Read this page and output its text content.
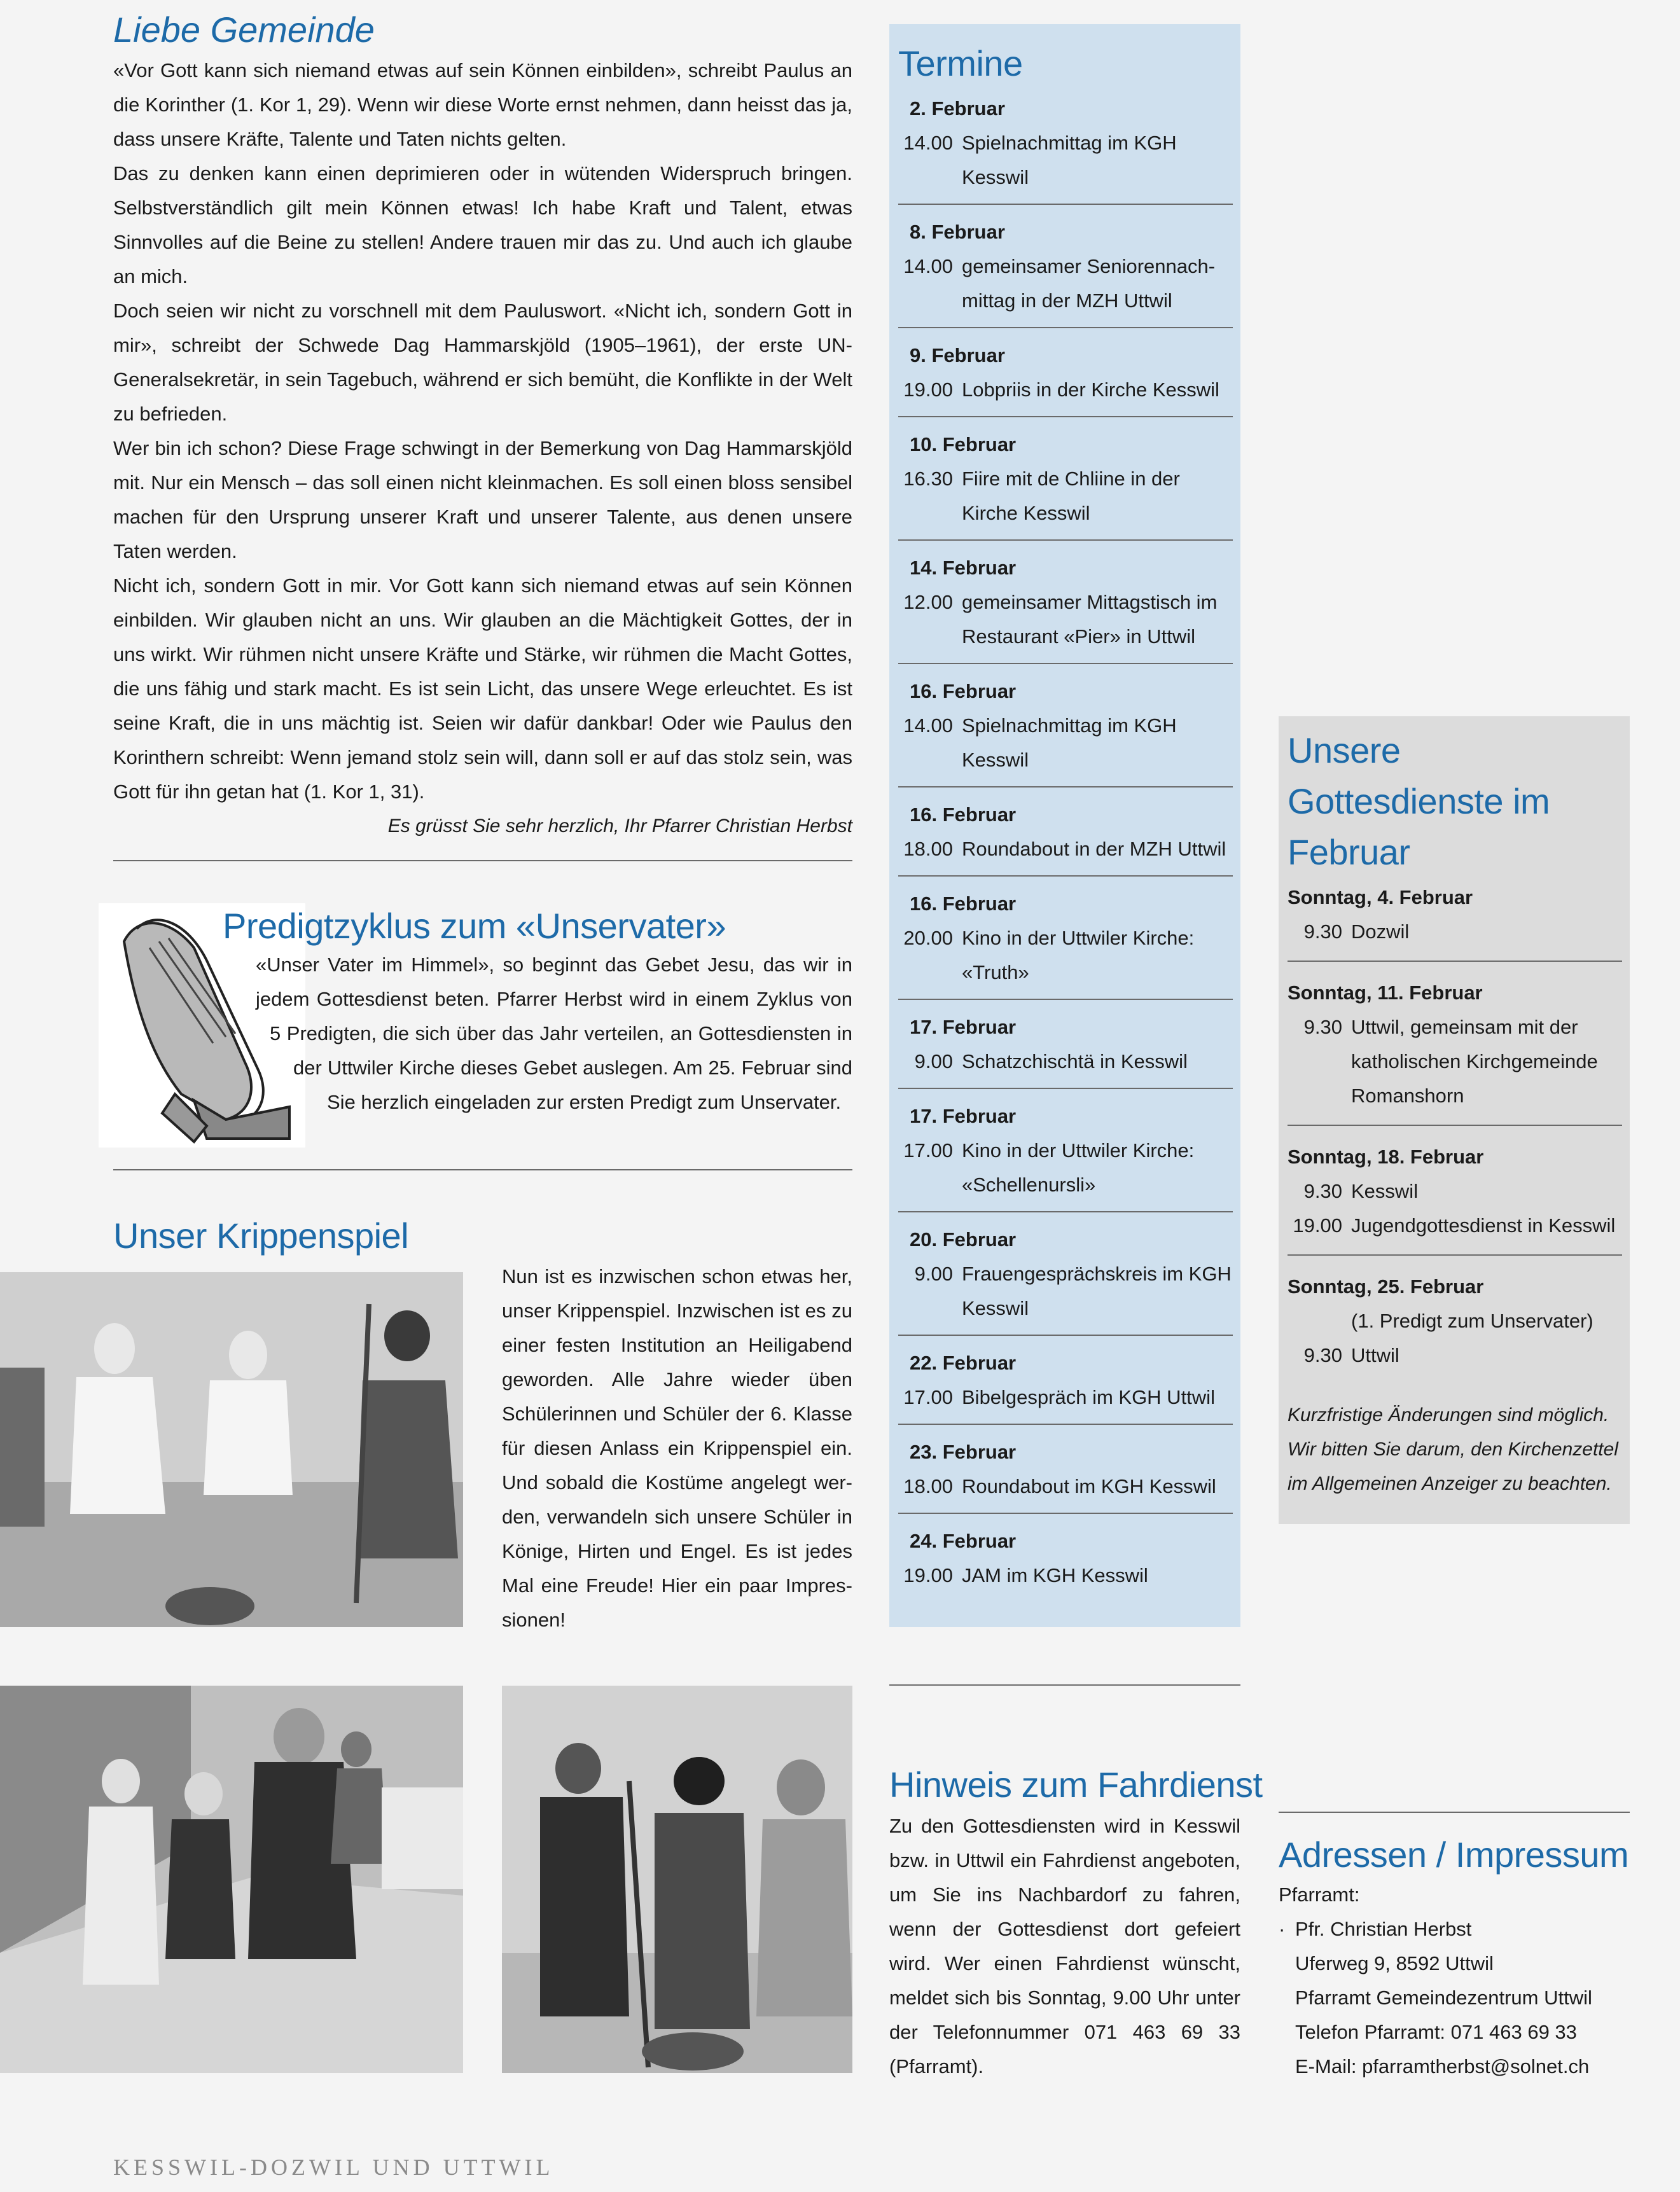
Liebe Gemeinde

«Vor Gott kann sich niemand etwas auf sein Können einbilden», schreibt Paulus an die Korinther (1. Kor 1, 29). Wenn wir diese Worte ernst nehmen, dann heisst das ja, dass unsere Kräfte, Talente und Taten nichts gelten.

Das zu denken kann einen deprimieren oder in wütenden Widerspruch bringen. Selbstverständlich gilt mein Können etwas! Ich habe Kraft und Talent, etwas Sinnvolles auf die Beine zu stellen! Andere trauen mir das zu. Und auch ich glaube an mich.

Doch seien wir nicht zu vorschnell mit dem Pauluswort. «Nicht ich, sondern Gott in mir», schreibt der Schwede Dag Hammarskjöld (1905–1961), der erste UN-Generalsekretär, in sein Tagebuch, während er sich bemüht, die Konflikte in der Welt zu befrieden.

Wer bin ich schon? Diese Frage schwingt in der Bemerkung von Dag Hammarskjöld mit. Nur ein Mensch – das soll einen nicht kleinmachen. Es soll einen bloss sensibel machen für den Ursprung unserer Kraft und unserer Talente, aus denen unsere Taten werden.

Nicht ich, sondern Gott in mir. Vor Gott kann sich niemand etwas auf sein Können einbilden. Wir glauben nicht an uns. Wir glauben an die Mächtigkeit Gottes, der in uns wirkt. Wir rühmen nicht unsere Kräfte und Stärke, wir rühmen die Macht Gottes, die uns fähig und stark macht. Es ist sein Licht, das unsere Wege erleuchtet. Es ist seine Kraft, die in uns mächtig ist. Seien wir dafür dankbar! Oder wie Paulus den Korinthern schreibt: Wenn jemand stolz sein will, dann soll er auf das stolz sein, was Gott für ihn getan hat (1. Kor 1, 31).

Es grüsst Sie sehr herzlich, Ihr Pfarrer Christian Herbst

Predigtzyklus zum «Unservater»

«Unser Vater im Himmel», so beginnt das Gebet Jesu, das wir in jedem Gottesdienst beten. Pfarrer Herbst wird in einem Zyklus von 5 Predigten, die sich über das Jahr verteilen, an Gottesdiensten in der Uttwiler Kirche dieses Gebet auslegen. Am 25. Februar sind Sie herzlich eingeladen zur ersten Predigt zum Unservater.

Unser Krippenspiel

Nun ist es inzwischen schon etwas her, unser Krippenspiel. Inzwischen ist es zu einer festen Institution an Heiligabend geworden. Alle Jahre wieder üben Schülerinnen und Schüler der 6. Klasse für diesen Anlass ein Krippenspiel ein. Und sobald die Kostüme angelegt werden, verwandeln sich unsere Schüler in Könige, Hirten und Engel. Es ist jedes Mal eine Freude! Hier ein paar Impressionen!

Termine
2. Februar
14.00 Spielnachmittag im KGH Kesswil
8. Februar
14.00 gemeinsamer Seniorennachmittag in der MZH Uttwil
9. Februar
19.00 Lobpriis in der Kirche Kesswil
10. Februar
16.30 Fiire mit de Chliine in der Kirche Kesswil
14. Februar
12.00 gemeinsamer Mittagstisch im Restaurant «Pier» in Uttwil
16. Februar
14.00 Spielnachmittag im KGH Kesswil
16. Februar
18.00 Roundabout in der MZH Uttwil
16. Februar
20.00 Kino in der Uttwiler Kirche: «Truth»
17. Februar
9.00 Schatzchischtä in Kesswil
17. Februar
17.00 Kino in der Uttwiler Kirche: «Schellenursli»
20. Februar
9.00 Frauengesprächskreis im KGH Kesswil
22. Februar
17.00 Bibelgespräch im KGH Uttwil
23. Februar
18.00 Roundabout im KGH Kesswil
24. Februar
19.00 JAM im KGH Kesswil
Unsere Gottesdienste im Februar
Sonntag, 4. Februar
9.30 Dozwil
Sonntag, 11. Februar
9.30 Uttwil, gemeinsam mit der katholischen Kirchgemeinde Romanshorn
Sonntag, 18. Februar
9.30 Kesswil
19.00 Jugendgottesdienst in Kesswil
Sonntag, 25. Februar
(1. Predigt zum Unservater)
9.30 Uttwil

Kurzfristige Änderungen sind möglich. Wir bitten Sie darum, den Kirchenzettel im Allgemeinen Anzeiger zu beachten.

Hinweis zum Fahrdienst

Zu den Gottesdiensten wird in Kesswil bzw. in Uttwil ein Fahrdienst angeboten, um Sie ins Nachbardorf zu fahren, wenn der Gottesdienst dort gefeiert wird. Wer einen Fahrdienst wünscht, meldet sich bis Sonntag, 9.00 Uhr unter der Telefonnummer 071 463 69 33 (Pfarramt).

Adressen / Impressum
Pfarramt:
· Pfr. Christian Herbst
Uferweg 9, 8592 Uttwil
Pfarramt Gemeindezentrum Uttwil
Telefon Pfarramt: 071 463 69 33
E-Mail: pfarramtherbst@solnet.ch
KESSWIL-DOZWIL UND UTTWIL
